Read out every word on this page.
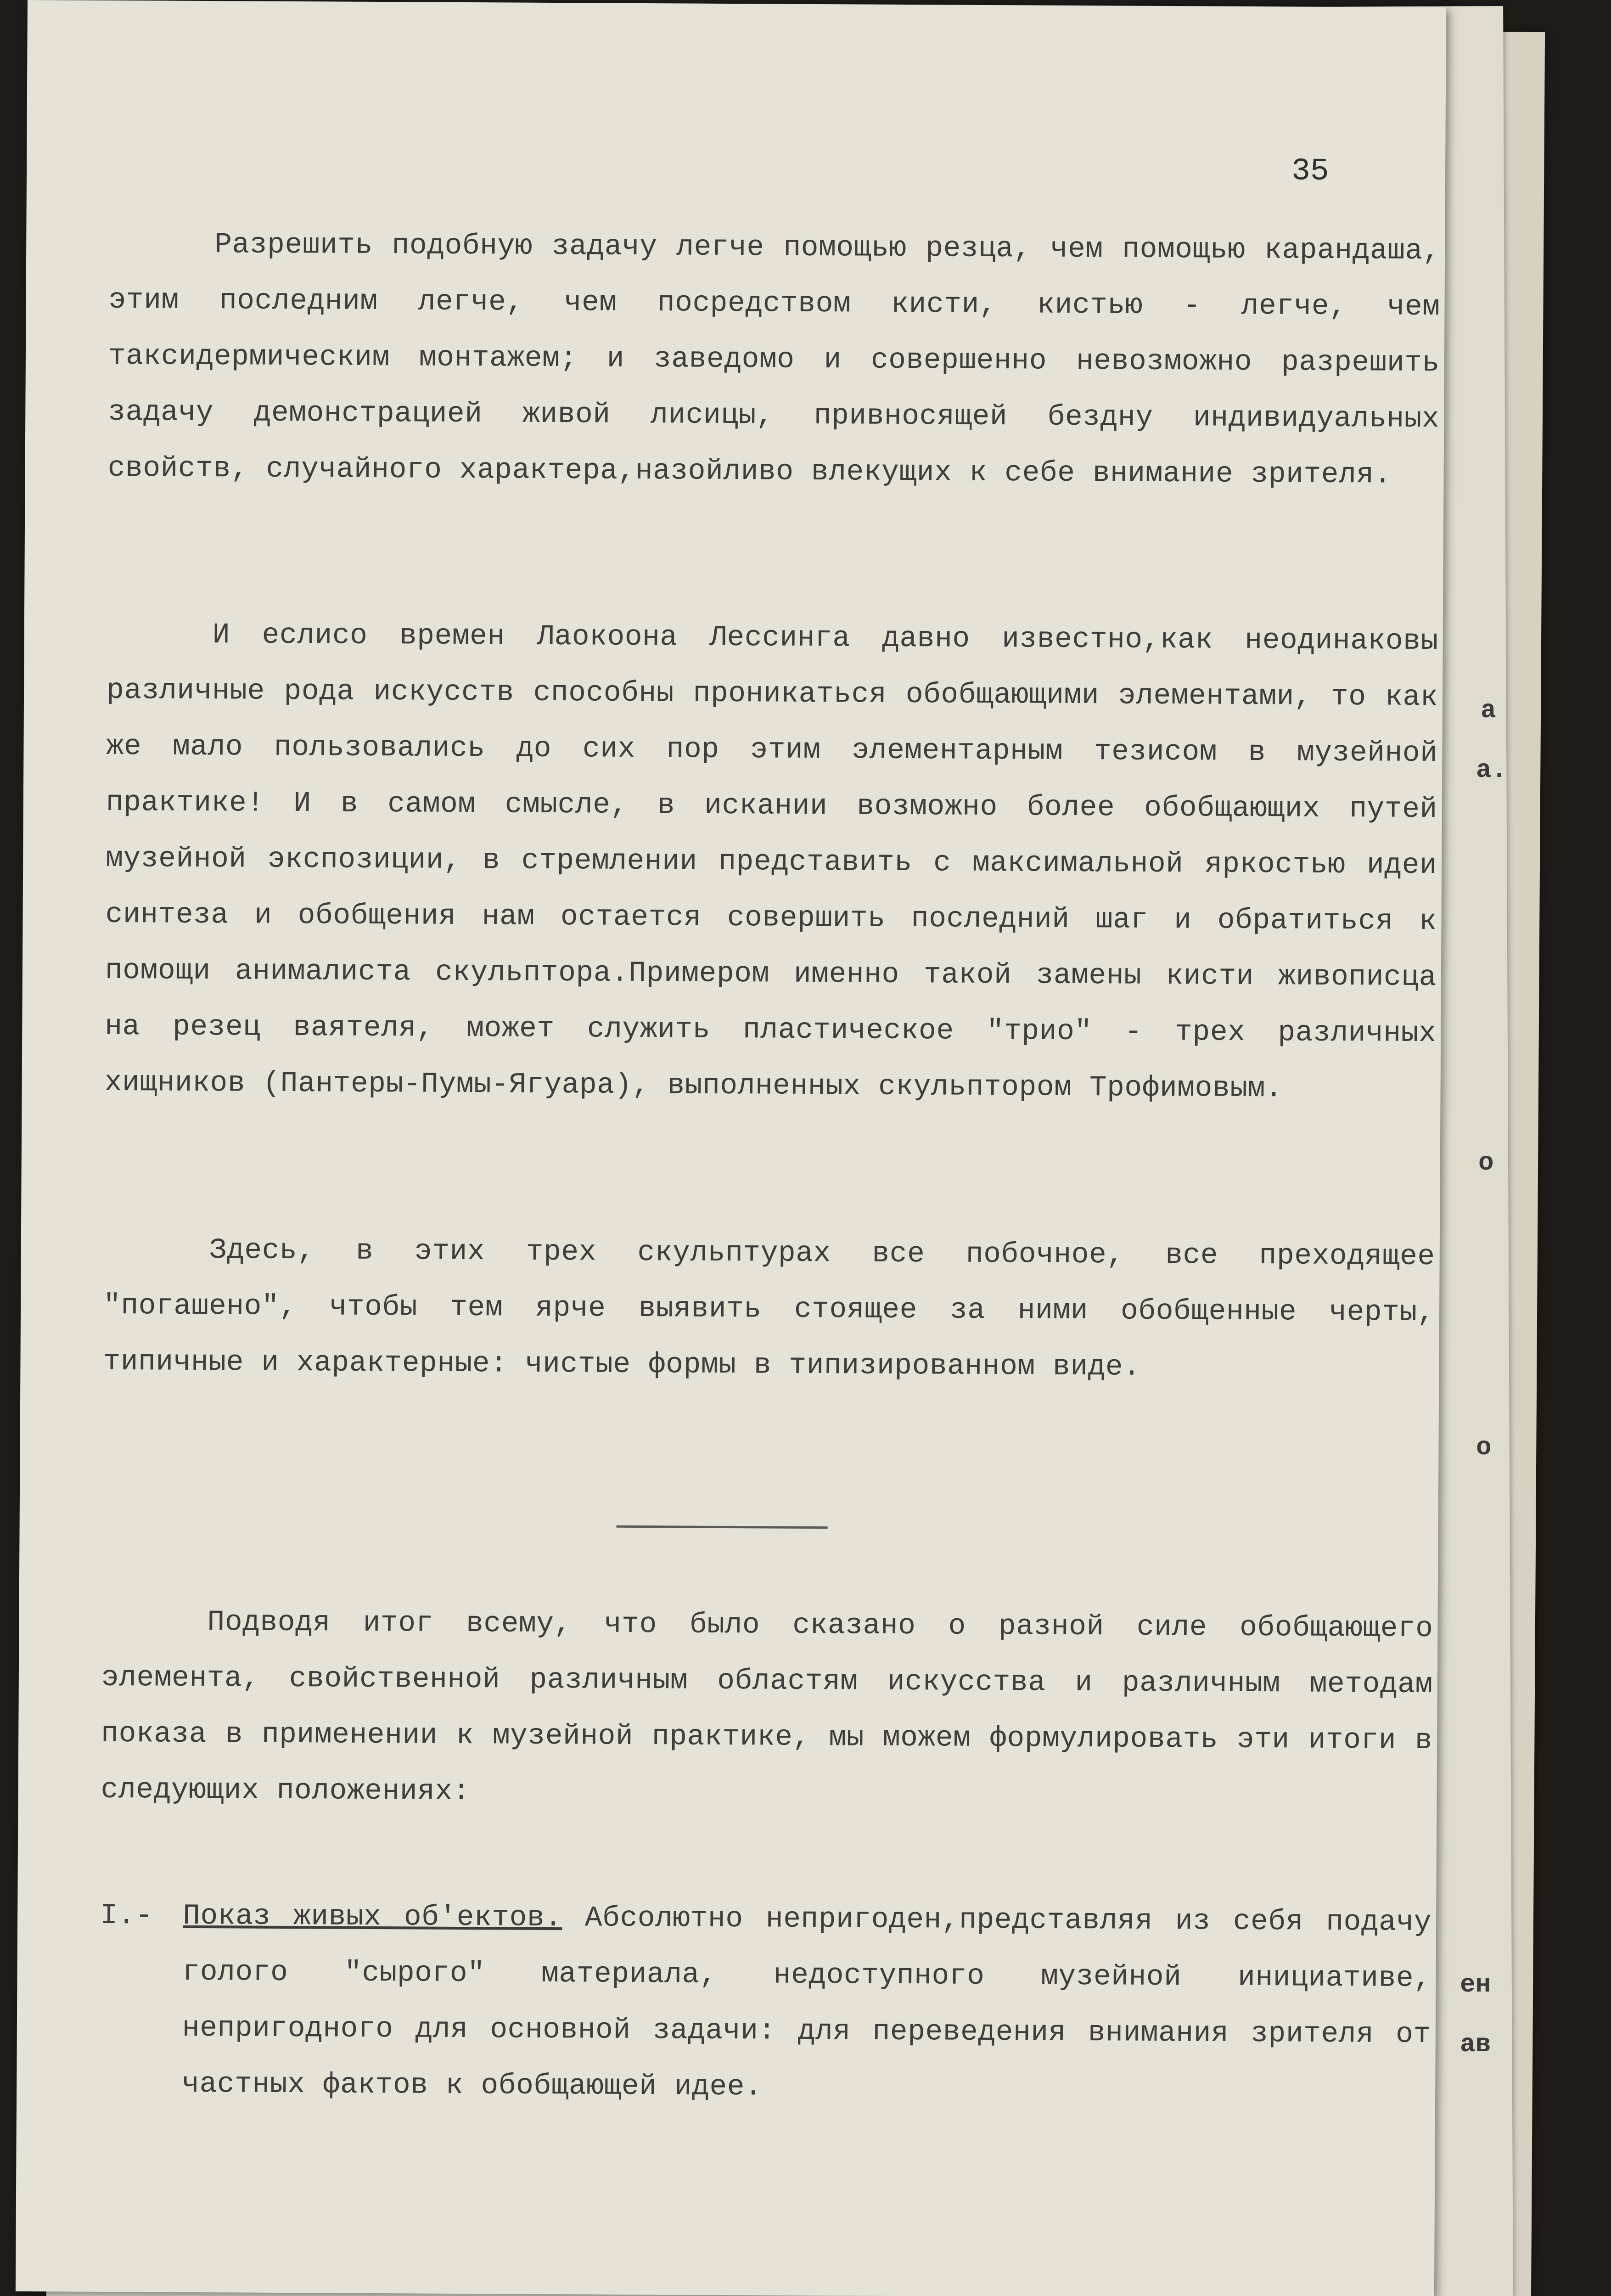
а
а.
о
о
ен
ав
35

Разрешить подобную задачу легче помощью резца, чем помощью карандаша, этим последним легче, чем посредством кисти, кистью - легче, чем таксидермическим монтажем; и заведомо и совершенно невозможно разрешить задачу демонстрацией живой лисицы, привносящей бездну индивидуальных свойств, случайного характера,назойливо влекущих к себе внимание зрителя.

И еслисо времен Лаокоона Лессинга давно известно,как неодинаковы различные рода искусств способны проникаться обобщающими элементами, то как же мало пользовались до сих пор этим элементарным тезисом в музейной практике! И в самом смысле, в искании возможно более обобщающих путей музейной экспозиции, в стремлении представить с максимальной яркостью идеи синтеза и обобщения нам остается совершить последний шаг и обратиться к помощи анималиста скульптора.Примером именно такой замены кисти живописца на резец ваятеля, может служить пластическое "трио" - трех различных хищников (Пантеры-Пумы-Ягуара), выполненных скульптором Трофимовым.

Здесь, в этих трех скульптурах все побочное, все преходящее "погашено", чтобы тем ярче выявить стоящее за ними обобщенные черты, типичные и характерные: чистые формы в типизированном виде.

Подводя итог всему, что было сказано о разной силе обобщающего элемента, свойственной различным областям искусства и различным методам показа в применении к музейной практике, мы можем формулировать эти итоги в следующих положениях:

I.-	Показ живых об'ектов. Абсолютно непригоден,представляя из себя подачу голого "сырого" материала, недоступного музейной инициативе, непригодного для основной задачи: для переведения внимания зрителя от частных фактов к обобщающей идее.
